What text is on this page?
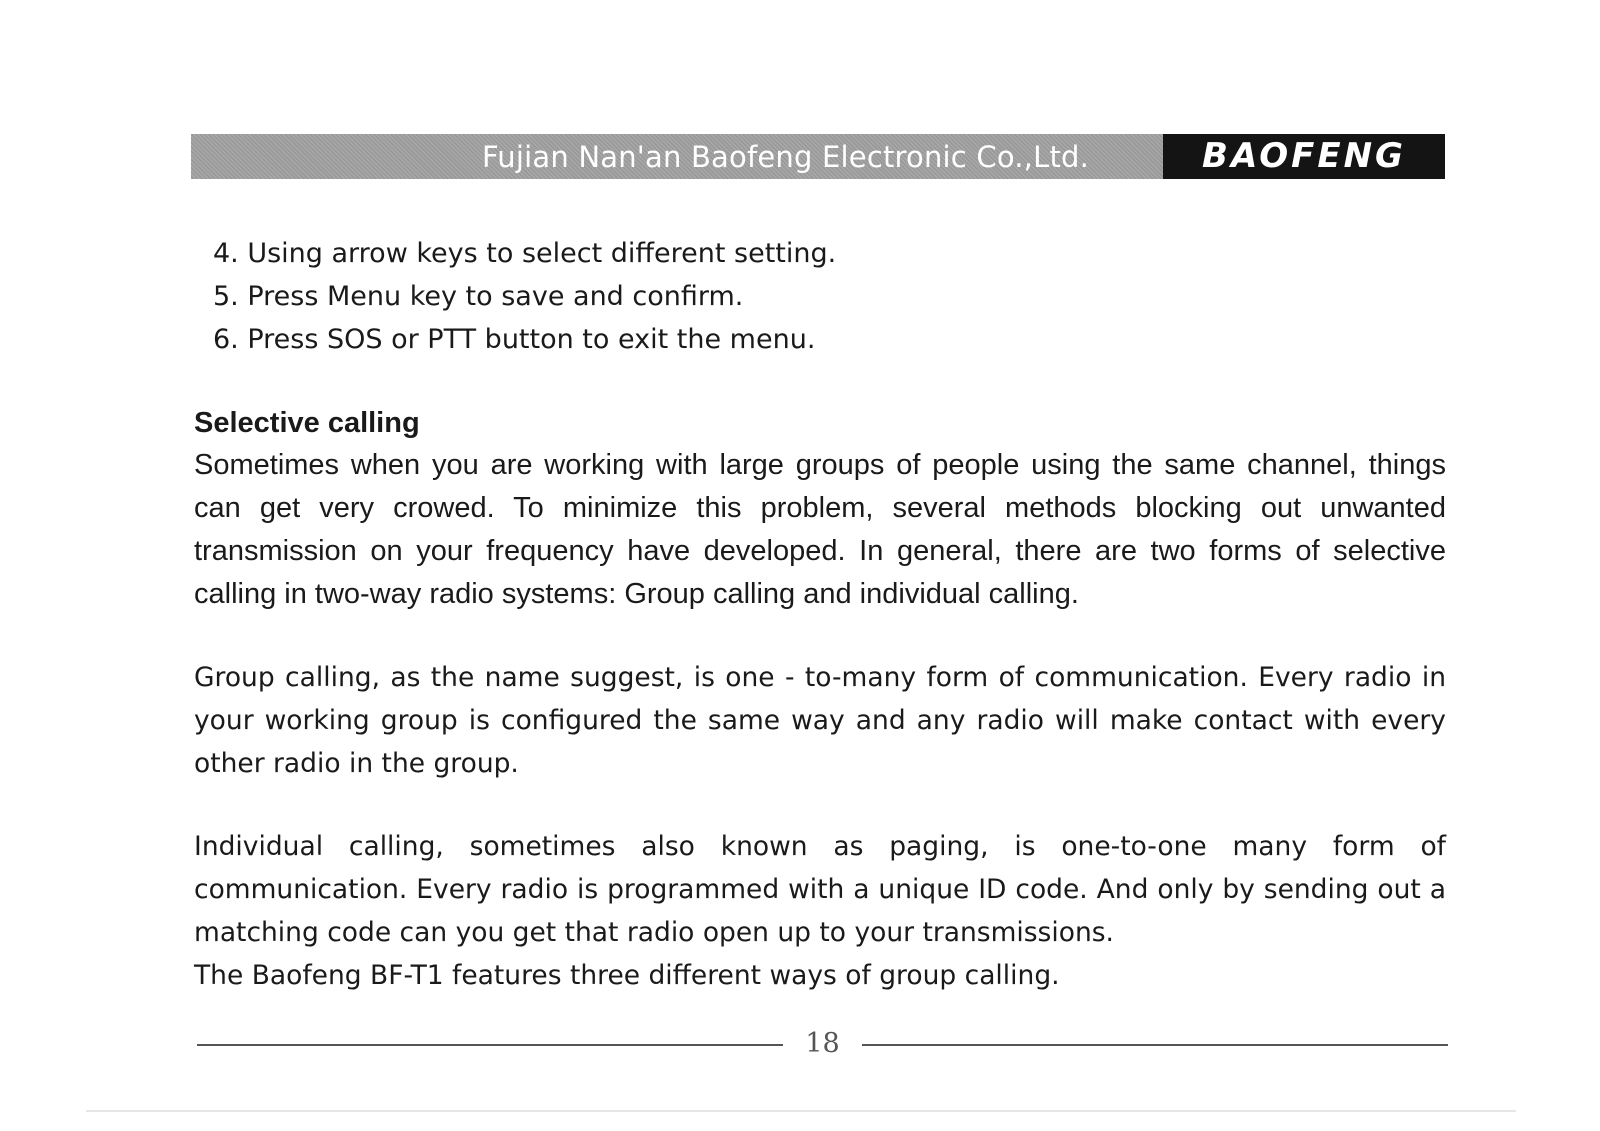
Fujian Nan'an Baofeng Electronic Co.,Ltd.	BAOFENG
4. Using arrow keys to select different setting.
5. Press Menu key to save and confirm.
6. Press SOS or PTT button to exit the menu.
Selective calling

Sometimes when you are working with large groups of people using the same channel, things can get very crowed. To minimize this problem, several methods blocking out unwanted transmission on your frequency have developed. In general, there are two forms of selective calling in two-way radio systems: Group calling and individual calling.

Group calling, as the name suggest, is one - to-many form of communication. Every radio in your working group is configured the same way and any radio will make contact with every other radio in the group.

Individual calling, sometimes also known as paging, is one-to-one many form of communication. Every radio is programmed with a unique ID code. And only by sending out a matching code can you get that radio open up to your transmissions.

The Baofeng BF-T1 features three different ways of group calling.

18
